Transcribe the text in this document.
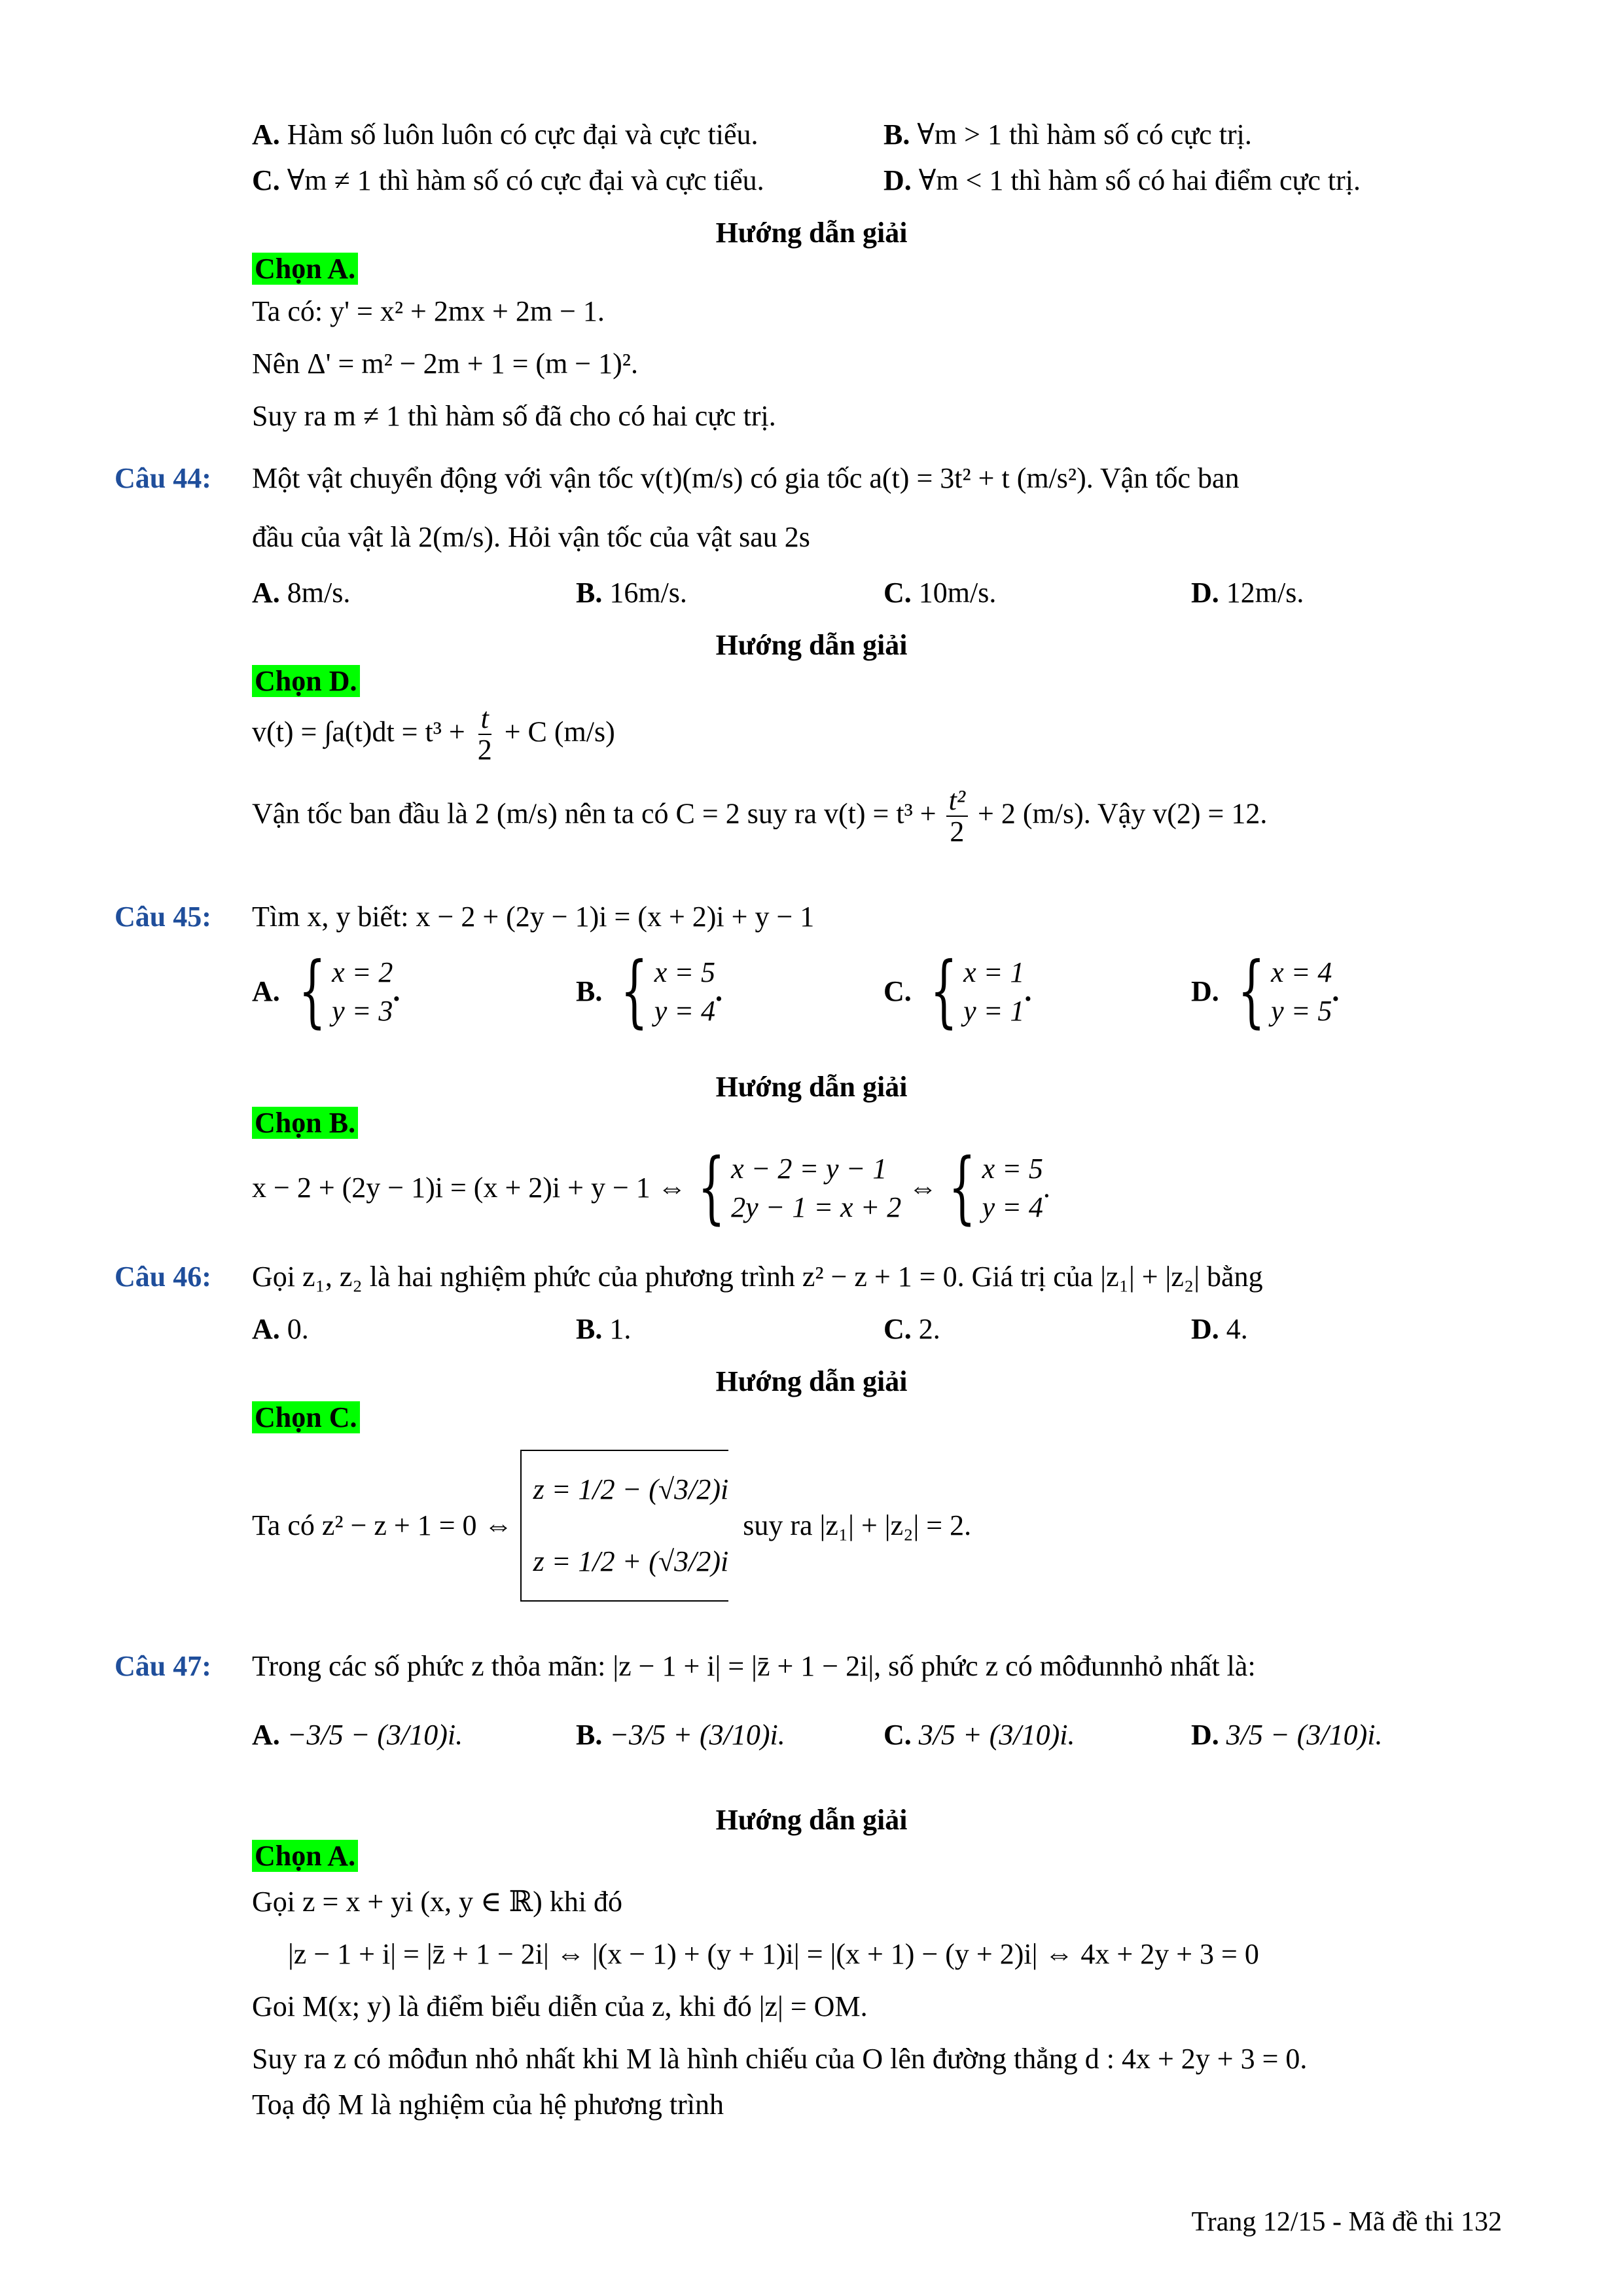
A. Hàm số luôn luôn có cực đại và cực tiểu.	B. ∀m > 1 thì hàm số có cực trị.
C. ∀m ≠ 1 thì hàm số có cực đại và cực tiểu.	D. ∀m < 1 thì hàm số có hai điểm cực trị.
Hướng dẫn giải
Chọn A.
Ta có: y' = x² + 2mx + 2m − 1.
Nên Δ' = m² − 2m + 1 = (m − 1)².
Suy ra m ≠ 1 thì hàm số đã cho có hai cực trị.
Câu 44: Một vật chuyển động với vận tốc v(t)(m/s) có gia tốc a(t) = 3t² + t (m/s²). Vận tốc ban
đầu của vật là 2(m/s). Hỏi vận tốc của vật sau 2s
A. 8m/s.	B. 16m/s.	C. 10m/s.	D. 12m/s.
Hướng dẫn giải
Chọn D.
$v(t) = \int a(t)dt = t^3 + \frac{t}{2} + C$ (m/s)
Vận tốc ban đầu là 2 (m/s) nên ta có C = 2 suy ra $v(t) = t^3 + \frac{\text{t²}}{2} + 2$ (m/s). Vậy v(2) = 12.
Câu 45: Tìm x, y biết: x − 2 + (2y − 1)i = (x + 2)i + y − 1
A.
{ x = 2
y = 3
.	B.
{ x = 5
y = 4
.	C.
{ x = 1
y = 1
.	D.
{ x = 4
y = 5
.
Hướng dẫn giải
Chọn B.
x − 2 + (2y − 1)i = (x + 2)i + y − 1 ⇔ { x − 2 = y − 1
2y − 1 = x + 2

⇔ { x = 5
y = 4
.
Câu 46: Gọi z₁, z₂ là hai nghiệm phức của phương trình z² − z + 1 = 0. Giá trị của |z₁| + |z₂| bằng
A. 0.	B. 1.	C. 2.	D. 4.
Hướng dẫn giải
Chọn C.
Ta có z² − z + 1 = 0 ⇔

z = 1/2 − (√3/2)i
z = 1/2 + (√3/2)i

suy ra |z₁| + |z₂| = 2.
Câu 47: Trong các số phức z thỏa mãn: |z − 1 + i| = |z̄ + 1 − 2i|, số phức z có môđunnhỏ nhất là:
A. −3/5 − (3/10)i.	B. −3/5 + (3/10)i.	C. 3/5 + (3/10)i.	D. 3/5 − (3/10)i.
Hướng dẫn giải
Chọn A.
Gọi z = x + yi (x, y ∈ ℝ) khi đó
|z − 1 + i| = |z̄ + 1 − 2i| ⇔ |(x − 1) + (y + 1)i| = |(x + 1) − (y + 2)i| ⇔ 4x + 2y + 3 = 0
Goi M(x; y) là điểm biểu diễn của z, khi đó |z| = OM.
Suy ra z có môđun nhỏ nhất khi M là hình chiếu của O lên đường thẳng d : 4x + 2y + 3 = 0.
Toạ độ M là nghiệm của hệ phương trình
Trang 12/15 - Mã đề thi 132
